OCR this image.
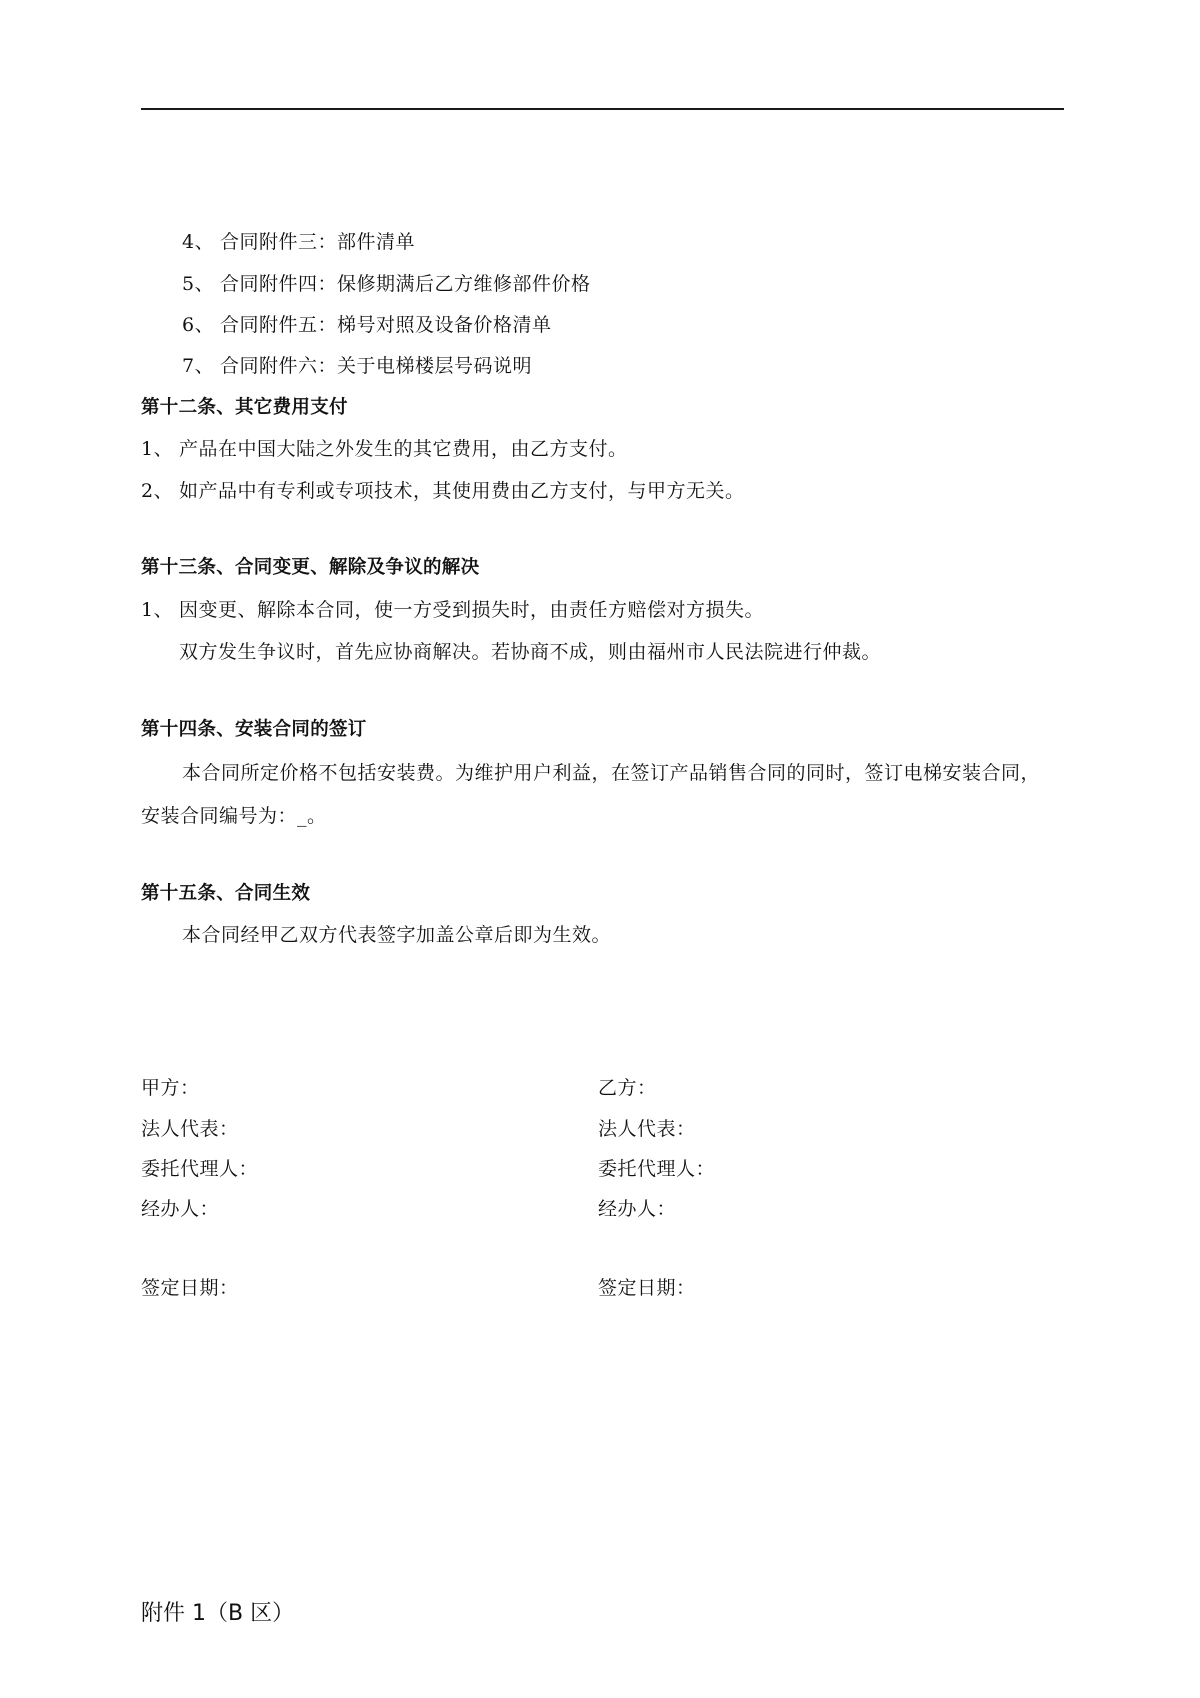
4、 合同附件三：部件清单
5、 合同附件四：保修期满后乙方维修部件价格
6、 合同附件五：梯号对照及设备价格清单
7、 合同附件六：关于电梯楼层号码说明
第十二条、其它费用支付
1、 产品在中国大陆之外发生的其它费用，由乙方支付。
2、 如产品中有专利或专项技术，其使用费由乙方支付，与甲方无关。
第十三条、合同变更、解除及争议的解决
1、 因变更、解除本合同，使一方受到损失时，由责任方赔偿对方损失。
双方发生争议时，首先应协商解决。若协商不成，则由福州市人民法院进行仲裁。
第十四条、安装合同的签订
本合同所定价格不包括安装费。为维护用户利益，在签订产品销售合同的同时，签订电梯安装合同，
安装合同编号为：_。
第十五条、合同生效
本合同经甲乙双方代表签字加盖公章后即为生效。
甲方：
法人代表：
委托代理人：
经办人：
签定日期：
乙方：
法人代表：
委托代理人：
经办人：
签定日期：
附件 1（B 区）
